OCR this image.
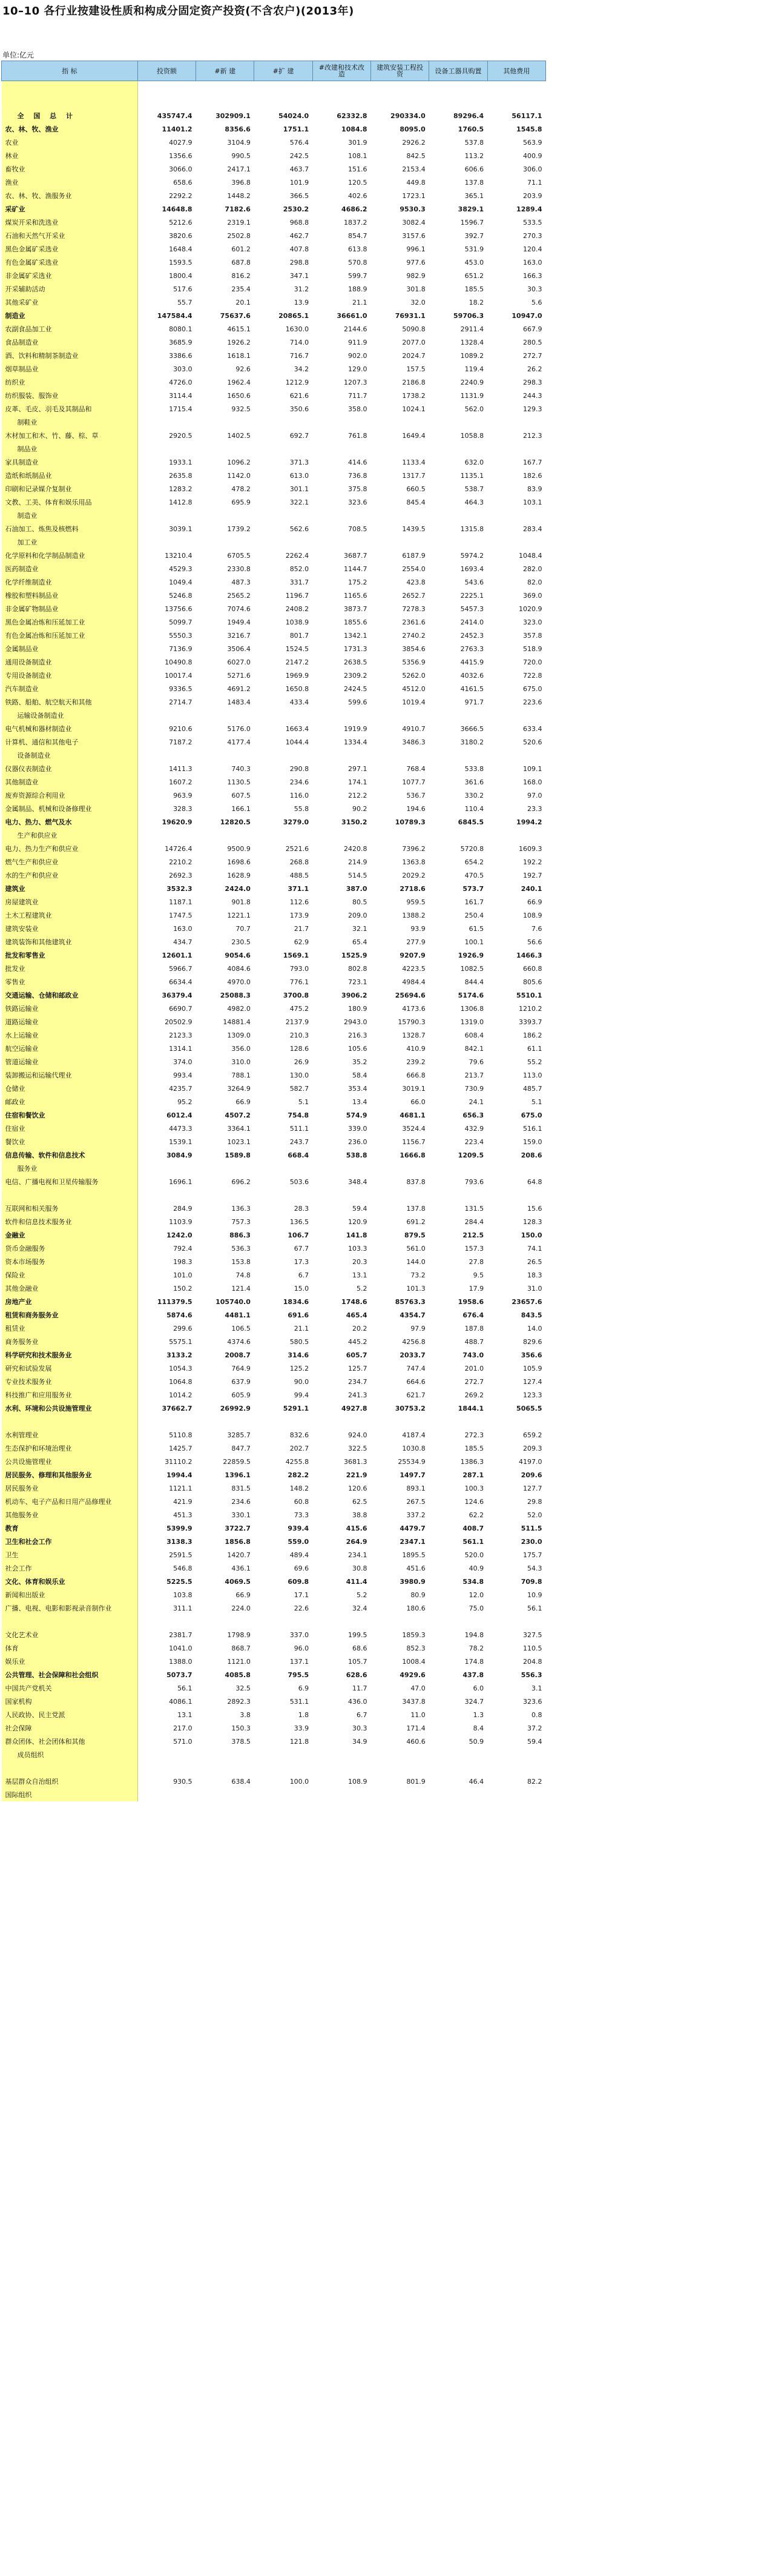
10–10 各行业按建设性质和构成分固定资产投资(不含农户)(2013年)
单位:亿元
指 标	投资额	#新 建	#扩 建	#改建和技术改造	建筑安装工程投资	设备工器具购置	其他费用

全 国 总 计	435747.4	302909.1	54024.0	62332.8	290334.0	89296.4	56117.1
农、林、牧、渔业	11401.2	8356.6	1751.1	1084.8	8095.0	1760.5	1545.8
农业	4027.9	3104.9	576.4	301.9	2926.2	537.8	563.9
林业	1356.6	990.5	242.5	108.1	842.5	113.2	400.9
畜牧业	3066.0	2417.1	463.7	151.6	2153.4	606.6	306.0
渔业	658.6	396.8	101.9	120.5	449.8	137.8	71.1
农、林、牧、渔服务业	2292.2	1448.2	366.5	402.6	1723.1	365.1	203.9
采矿业	14648.8	7182.6	2530.2	4686.2	9530.3	3829.1	1289.4
煤炭开采和洗选业	5212.6	2319.1	968.8	1837.2	3082.4	1596.7	533.5
石油和天然气开采业	3820.6	2502.8	462.7	854.7	3157.6	392.7	270.3
黑色金属矿采选业	1648.4	601.2	407.8	613.8	996.1	531.9	120.4
有色金属矿采选业	1593.5	687.8	298.8	570.8	977.6	453.0	163.0
非金属矿采选业	1800.4	816.2	347.1	599.7	982.9	651.2	166.3
开采辅助活动	517.6	235.4	31.2	188.9	301.8	185.5	30.3
其他采矿业	55.7	20.1	13.9	21.1	32.0	18.2	5.6
制造业	147584.4	75637.6	20865.1	36661.0	76931.1	59706.3	10947.0
农副食品加工业	8080.1	4615.1	1630.0	2144.6	5090.8	2911.4	667.9
食品制造业	3685.9	1926.2	714.0	911.9	2077.0	1328.4	280.5
酒、饮料和精制茶制造业	3386.6	1618.1	716.7	902.0	2024.7	1089.2	272.7
烟草制品业	303.0	92.6	34.2	129.0	157.5	119.4	26.2
纺织业	4726.0	1962.4	1212.9	1207.3	2186.8	2240.9	298.3
纺织服装、服饰业	3114.4	1650.6	621.6	711.7	1738.2	1131.9	244.3
皮革、毛皮、羽毛及其制品和	1715.4	932.5	350.6	358.0	1024.1	562.0	129.3
制鞋业							
木材加工和木、竹、藤、棕、草	2920.5	1402.5	692.7	761.8	1649.4	1058.8	212.3
制品业							
家具制造业	1933.1	1096.2	371.3	414.6	1133.4	632.0	167.7
造纸和纸制品业	2635.8	1142.0	613.0	736.8	1317.7	1135.1	182.6
印刷和记录媒介复制业	1283.2	478.2	301.1	375.8	660.5	538.7	83.9
文教、工美、体育和娱乐用品	1412.8	695.9	322.1	323.6	845.4	464.3	103.1
制造业							
石油加工、炼焦及核燃料	3039.1	1739.2	562.6	708.5	1439.5	1315.8	283.4
加工业							
化学原料和化学制品制造业	13210.4	6705.5	2262.4	3687.7	6187.9	5974.2	1048.4
医药制造业	4529.3	2330.8	852.0	1144.7	2554.0	1693.4	282.0
化学纤维制造业	1049.4	487.3	331.7	175.2	423.8	543.6	82.0
橡胶和塑料制品业	5246.8	2565.2	1196.7	1165.6	2652.7	2225.1	369.0
非金属矿物制品业	13756.6	7074.6	2408.2	3873.7	7278.3	5457.3	1020.9
黑色金属冶炼和压延加工业	5099.7	1949.4	1038.9	1855.6	2361.6	2414.0	323.0
有色金属冶炼和压延加工业	5550.3	3216.7	801.7	1342.1	2740.2	2452.3	357.8
金属制品业	7136.9	3506.4	1524.5	1731.3	3854.6	2763.3	518.9
通用设备制造业	10490.8	6027.0	2147.2	2638.5	5356.9	4415.9	720.0
专用设备制造业	10017.4	5271.6	1969.9	2309.2	5262.0	4032.6	722.8
汽车制造业	9336.5	4691.2	1650.8	2424.5	4512.0	4161.5	675.0
铁路、船舶、航空航天和其他	2714.7	1483.4	433.4	599.6	1019.4	971.7	223.6
运输设备制造业							
电气机械和器材制造业	9210.6	5176.0	1663.4	1919.9	4910.7	3666.5	633.4
计算机、通信和其他电子	7187.2	4177.4	1044.4	1334.4	3486.3	3180.2	520.6
设备制造业							
仪器仪表制造业	1411.3	740.3	290.8	297.1	768.4	533.8	109.1
其他制造业	1607.2	1130.5	234.6	174.1	1077.7	361.6	168.0
废弃资源综合利用业	963.9	607.5	116.0	212.2	536.7	330.2	97.0
金属制品、机械和设备修理业	328.3	166.1	55.8	90.2	194.6	110.4	23.3
电力、热力、燃气及水	19620.9	12820.5	3279.0	3150.2	10789.3	6845.5	1994.2
生产和供应业							
电力、热力生产和供应业	14726.4	9500.9	2521.6	2420.8	7396.2	5720.8	1609.3
燃气生产和供应业	2210.2	1698.6	268.8	214.9	1363.8	654.2	192.2
水的生产和供应业	2692.3	1628.9	488.5	514.5	2029.2	470.5	192.7
建筑业	3532.3	2424.0	371.1	387.0	2718.6	573.7	240.1
房屋建筑业	1187.1	901.8	112.6	80.5	959.5	161.7	66.9
土木工程建筑业	1747.5	1221.1	173.9	209.0	1388.2	250.4	108.9
建筑安装业	163.0	70.7	21.7	32.1	93.9	61.5	7.6
建筑装饰和其他建筑业	434.7	230.5	62.9	65.4	277.9	100.1	56.6
批发和零售业	12601.1	9054.6	1569.1	1525.9	9207.9	1926.9	1466.3
批发业	5966.7	4084.6	793.0	802.8	4223.5	1082.5	660.8
零售业	6634.4	4970.0	776.1	723.1	4984.4	844.4	805.6
交通运输、仓储和邮政业	36379.4	25088.3	3700.8	3906.2	25694.6	5174.6	5510.1
铁路运输业	6690.7	4982.0	475.2	180.9	4173.6	1306.8	1210.2
道路运输业	20502.9	14881.4	2137.9	2943.0	15790.3	1319.0	3393.7
水上运输业	2123.3	1309.0	210.3	216.3	1328.7	608.4	186.2
航空运输业	1314.1	356.0	128.6	105.6	410.9	842.1	61.1
管道运输业	374.0	310.0	26.9	35.2	239.2	79.6	55.2
装卸搬运和运输代理业	993.4	788.1	130.0	58.4	666.8	213.7	113.0
仓储业	4235.7	3264.9	582.7	353.4	3019.1	730.9	485.7
邮政业	95.2	66.9	5.1	13.4	66.0	24.1	5.1
住宿和餐饮业	6012.4	4507.2	754.8	574.9	4681.1	656.3	675.0
住宿业	4473.3	3364.1	511.1	339.0	3524.4	432.9	516.1
餐饮业	1539.1	1023.1	243.7	236.0	1156.7	223.4	159.0
信息传输、软件和信息技术	3084.9	1589.8	668.4	538.8	1666.8	1209.5	208.6
服务业							
电信、广播电视和卫星传输服务	1696.1	696.2	503.6	348.4	837.8	793.6	64.8

互联网和相关服务	284.9	136.3	28.3	59.4	137.8	131.5	15.6
软件和信息技术服务业	1103.9	757.3	136.5	120.9	691.2	284.4	128.3
金融业	1242.0	886.3	106.7	141.8	879.5	212.5	150.0
货币金融服务	792.4	536.3	67.7	103.3	561.0	157.3	74.1
资本市场服务	198.3	153.8	17.3	20.3	144.0	27.8	26.5
保险业	101.0	74.8	6.7	13.1	73.2	9.5	18.3
其他金融业	150.2	121.4	15.0	5.2	101.3	17.9	31.0
房地产业	111379.5	105740.0	1834.6	1748.6	85763.3	1958.6	23657.6
租赁和商务服务业	5874.6	4481.1	691.6	465.4	4354.7	676.4	843.5
租赁业	299.6	106.5	21.1	20.2	97.9	187.8	14.0
商务服务业	5575.1	4374.6	580.5	445.2	4256.8	488.7	829.6
科学研究和技术服务业	3133.2	2008.7	314.6	605.7	2033.7	743.0	356.6
研究和试验发展	1054.3	764.9	125.2	125.7	747.4	201.0	105.9
专业技术服务业	1064.8	637.9	90.0	234.7	664.6	272.7	127.4
科技推广和应用服务业	1014.2	605.9	99.4	241.3	621.7	269.2	123.3
水利、环境和公共设施管理业	37662.7	26992.9	5291.1	4927.8	30753.2	1844.1	5065.5

水利管理业	5110.8	3285.7	832.6	924.0	4187.4	272.3	659.2
生态保护和环境治理业	1425.7	847.7	202.7	322.5	1030.8	185.5	209.3
公共设施管理业	31110.2	22859.5	4255.8	3681.3	25534.9	1386.3	4197.0
居民服务、修理和其他服务业	1994.4	1396.1	282.2	221.9	1497.7	287.1	209.6
居民服务业	1121.1	831.5	148.2	120.6	893.1	100.3	127.7
机动车、电子产品和日用产品修理业	421.9	234.6	60.8	62.5	267.5	124.6	29.8
其他服务业	451.3	330.1	73.3	38.8	337.2	62.2	52.0
教育	5399.9	3722.7	939.4	415.6	4479.7	408.7	511.5
卫生和社会工作	3138.3	1856.8	559.0	264.9	2347.1	561.1	230.0
卫生	2591.5	1420.7	489.4	234.1	1895.5	520.0	175.7
社会工作	546.8	436.1	69.6	30.8	451.6	40.9	54.3
文化、体育和娱乐业	5225.5	4069.5	609.8	411.4	3980.9	534.8	709.8
新闻和出版业	103.8	66.9	17.1	5.2	80.9	12.0	10.9
广播、电视、电影和影视录音制作业	311.1	224.0	22.6	32.4	180.6	75.0	56.1

文化艺术业	2381.7	1798.9	337.0	199.5	1859.3	194.8	327.5
体育	1041.0	868.7	96.0	68.6	852.3	78.2	110.5
娱乐业	1388.0	1121.0	137.1	105.7	1008.4	174.8	204.8
公共管理、社会保障和社会组织	5073.7	4085.8	795.5	628.6	4929.6	437.8	556.3
中国共产党机关	56.1	32.5	6.9	11.7	47.0	6.0	3.1
国家机构	4086.1	2892.3	531.1	436.0	3437.8	324.7	323.6
人民政协、民主党派	13.1	3.8	1.8	6.7	11.0	1.3	0.8
社会保障	217.0	150.3	33.9	30.3	171.4	8.4	37.2
群众团体、社会团体和其他	571.0	378.5	121.8	34.9	460.6	50.9	59.4
成员组织							

基层群众自治组织	930.5	638.4	100.0	108.9	801.9	46.4	82.2
国际组织							
